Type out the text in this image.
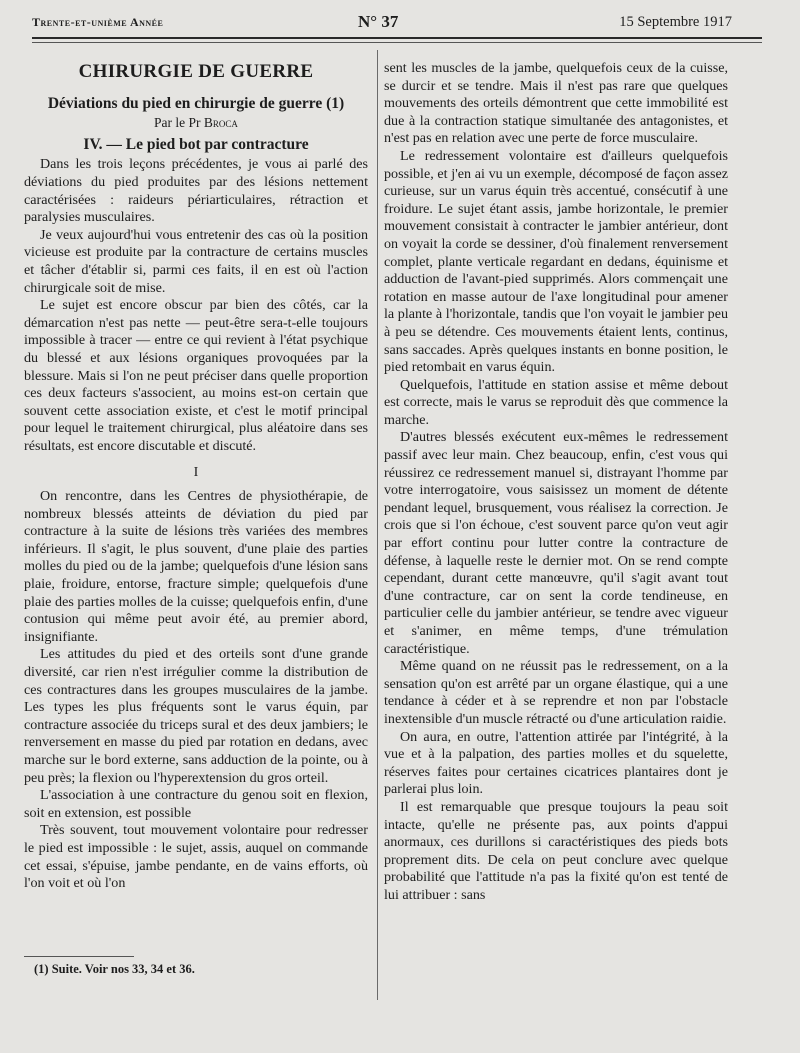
Trente-et-unième Année	N° 37	15 Septembre 1917
CHIRURGIE DE GUERRE
Déviations du pied en chirurgie de guerre (1)
Par le Pr Broca
IV. — Le pied bot par contracture

Dans les trois leçons précédentes, je vous ai parlé des déviations du pied produites par des lésions nettement caractérisées : raideurs périarticulaires, rétraction et paralysies musculaires.

Je veux aujourd'hui vous entretenir des cas où la position vicieuse est produite par la contracture de certains muscles et tâcher d'établir si, parmi ces faits, il en est où l'action chirurgicale soit de mise.

Le sujet est encore obscur par bien des côtés, car la démarcation n'est pas nette — peut-être sera-t-elle toujours impossible à tracer — entre ce qui revient à l'état psychique du blessé et aux lésions organiques provoquées par la blessure. Mais si l'on ne peut préciser dans quelle proportion ces deux facteurs s'associent, au moins est-on certain que souvent cette association existe, et c'est le motif principal pour lequel le traitement chirurgical, plus aléatoire dans ses résultats, est encore discutable et discuté.

I

On rencontre, dans les Centres de physiothérapie, de nombreux blessés atteints de déviation du pied par contracture à la suite de lésions très variées des membres inférieurs. Il s'agit, le plus souvent, d'une plaie des parties molles du pied ou de la jambe; quelquefois d'une lésion sans plaie, froidure, entorse, fracture simple; quelquefois d'une plaie des parties molles de la cuisse; quelquefois enfin, d'une contusion qui même peut avoir été, au premier abord, insignifiante.

Les attitudes du pied et des orteils sont d'une grande diversité, car rien n'est irrégulier comme la distribution de ces contractures dans les groupes musculaires de la jambe. Les types les plus fréquents sont le varus équin, par contracture associée du triceps sural et des deux jambiers; le renversement en masse du pied par rotation en dedans, avec marche sur le bord externe, sans adduction de la pointe, ou à peu près; la flexion ou l'hyperextension du gros orteil.

L'association à une contracture du genou soit en flexion, soit en extension, est possible

Très souvent, tout mouvement volontaire pour redresser le pied est impossible : le sujet, assis, auquel on commande cet essai, s'épuise, jambe pendante, en de vains efforts, où l'on voit et où l'on

sent les muscles de la jambe, quelquefois ceux de la cuisse, se durcir et se tendre. Mais il n'est pas rare que quelques mouvements des orteils démontrent que cette immobilité est due à la contraction statique simultanée des antagonistes, et n'est pas en relation avec une perte de force musculaire.

Le redressement volontaire est d'ailleurs quelquefois possible, et j'en ai vu un exemple, décomposé de façon assez curieuse, sur un varus équin très accentué, consécutif à une froidure. Le sujet étant assis, jambe horizontale, le premier mouvement consistait à contracter le jambier antérieur, dont on voyait la corde se dessiner, d'où finalement renversement complet, plante verticale regardant en dedans, équinisme et adduction de l'avant-pied supprimés. Alors commençait une rotation en masse autour de l'axe longitudinal pour amener la plante à l'horizontale, tandis que l'on voyait le jambier peu à peu se détendre. Ces mouvements étaient lents, continus, sans saccades. Après quelques instants en bonne position, le pied retombait en varus équin.

Quelquefois, l'attitude en station assise et même debout est correcte, mais le varus se reproduit dès que commence la marche.

D'autres blessés exécutent eux-mêmes le redressement passif avec leur main. Chez beaucoup, enfin, c'est vous qui réussirez ce redressement manuel si, distrayant l'homme par votre interrogatoire, vous saisissez un moment de détente pendant lequel, brusquement, vous réalisez la correction. Je crois que si l'on échoue, c'est souvent parce qu'on veut agir par effort continu pour lutter contre la contracture de défense, à laquelle reste le dernier mot. On se rend compte cependant, durant cette manœuvre, qu'il s'agit avant tout d'une contracture, car on sent la corde tendineuse, en particulier celle du jambier antérieur, se tendre avec vigueur et s'animer, en même temps, d'une trémulation caractéristique.

Même quand on ne réussit pas le redressement, on a la sensation qu'on est arrêté par un organe élastique, qui a une tendance à céder et à se reprendre et non par l'obstacle inextensible d'un muscle rétracté ou d'une articulation raidie.

On aura, en outre, l'attention attirée par l'intégrité, à la vue et à la palpation, des parties molles et du squelette, réserves faites pour certaines cicatrices plantaires dont je parlerai plus loin.

Il est remarquable que presque toujours la peau soit intacte, qu'elle ne présente pas, aux points d'appui anormaux, ces durillons si caractéristiques des pieds bots proprement dits. De cela on peut conclure avec quelque probabilité que l'attitude n'a pas la fixité qu'on est tenté de lui attribuer : sans

(1) Suite. Voir nos 33, 34 et 36.
